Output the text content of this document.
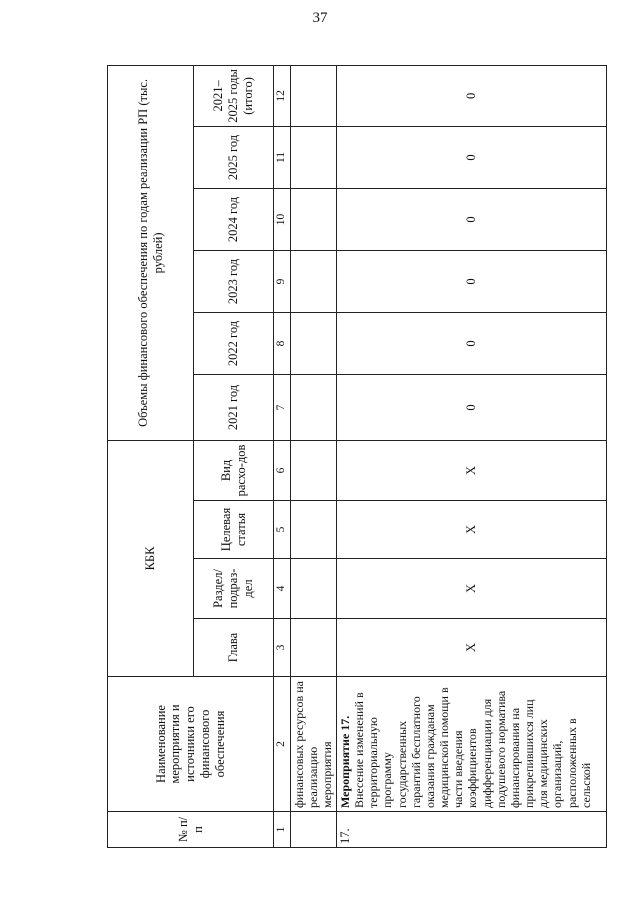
37
№ п/п	Наименование мероприятия и источники его финансового обеспечения	КБК				Объемы финансового обеспечения по годам реализации РП (тыс. рублей)					
		Глава	Раздел/ подраз-дел	Целевая статья	Вид расхо-дов	2021 год	2022 год	2023 год	2024 год	2025 год	2021– 2025 годы (итого)
1	2	3	4	5	6	7	8	9	10	11	12
	финансовых ресурсов на реализацию мероприятия										
17.	Мероприятие 17. Внесение изменений в территориальную программу государственных гарантий бесплатного оказания гражданам медицинской помощи в части введения коэффициентов дифференциации для подушевого норматива финансирования на прикрепившихся лиц для медицинских организаций, расположенных в сельской	Х	Х	Х	Х	0	0	0	0	0	0
